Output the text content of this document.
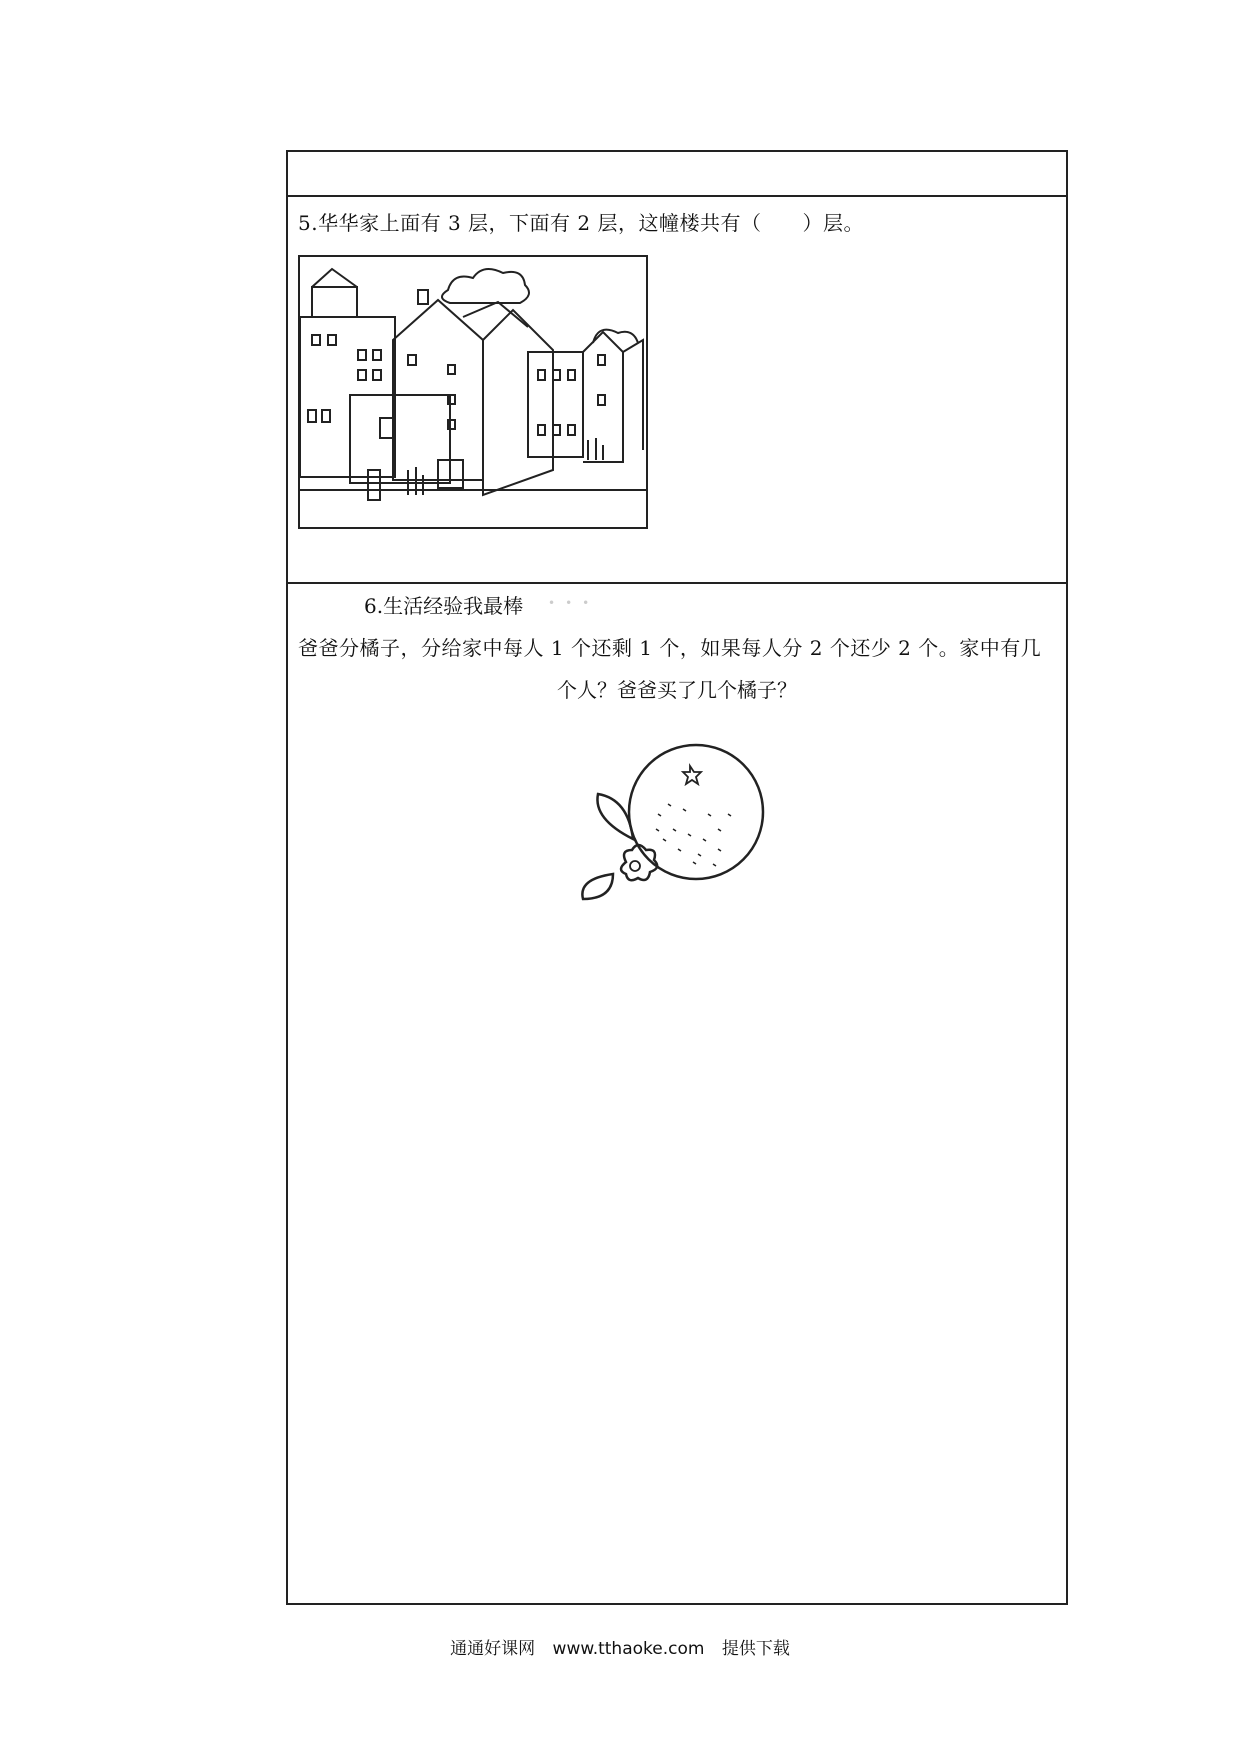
5.华华家上面有 3 层，下面有 2 层，这幢楼共有（　　）层。
6.生活经验我最棒 •••
爸爸分橘子，分给家中每人 1 个还剩 1 个，如果每人分 2 个还少 2 个。家中有几
个人？爸爸买了几个橘子？
通通好课网 www.tthaoke.com 提供下载
